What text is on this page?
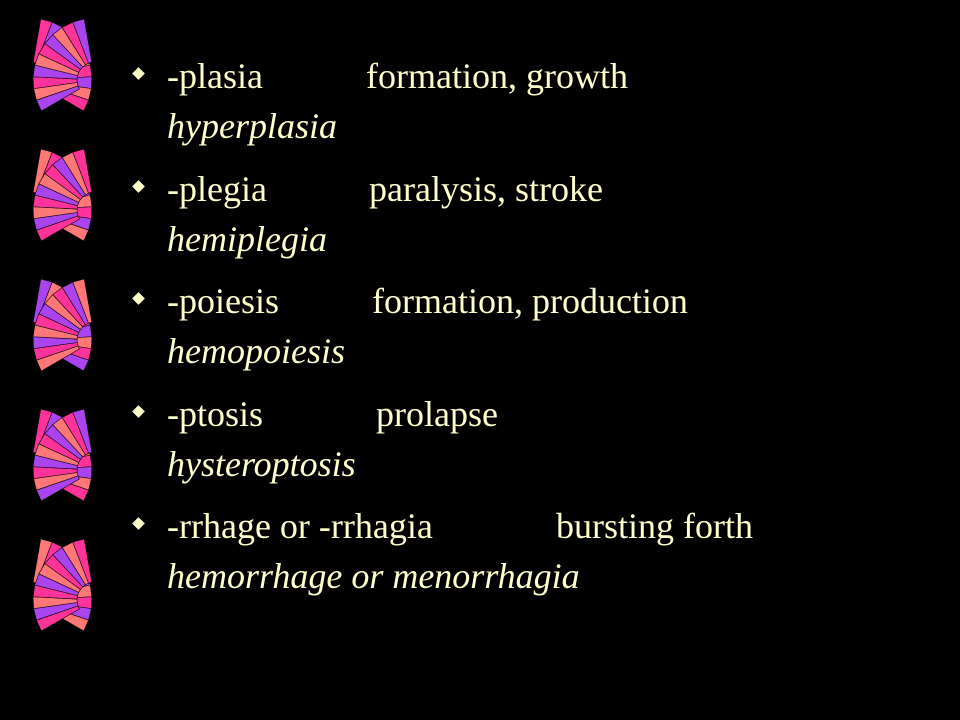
-plasia	formation, growth
hyperplasia
-plegia	paralysis, stroke
hemiplegia
-poiesis	formation, production
hemopoiesis
-ptosis	prolapse
hysteroptosis
-rrhage or -rrhagia	bursting forth
hemorrhage or menorrhagia
